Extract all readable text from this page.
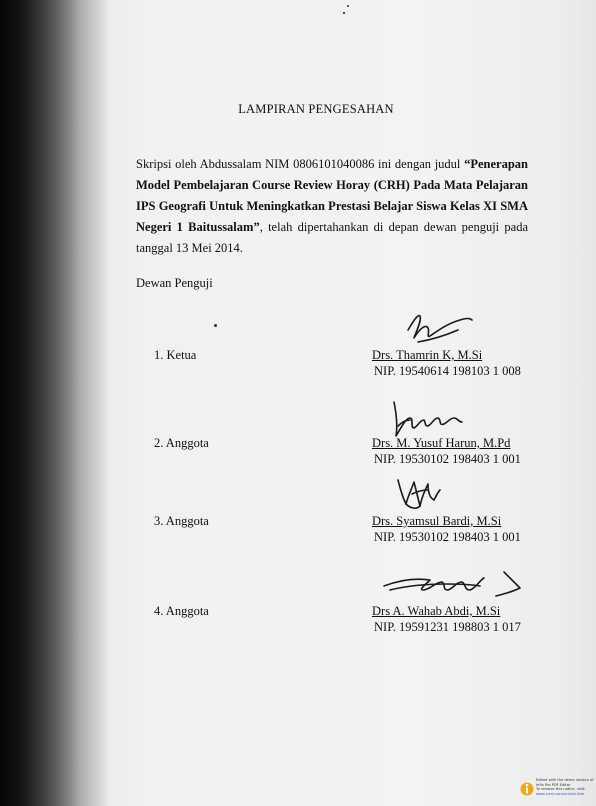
LAMPIRAN PENGESAHAN
Skripsi oleh Abdussalam NIM 0806101040086 ini dengan judul “Penerapan Model Pembelajaran Course Review Horay (CRH) Pada Mata Pelajaran IPS Geografi Untuk Meningkatkan Prestasi Belajar Siswa Kelas XI SMA Negeri 1 Baitussalam”, telah dipertahankan di depan dewan penguji pada tanggal 13 Mei 2014.
Dewan Penguji
1. Ketua	Drs. Thamrin K, M.Si
NIP. 19540614 198103 1 008
2. Anggota	Drs. M. Yusuf Harun, M.Pd
NIP. 19530102 198403 1 001
3. Anggota	Drs. Syamsul Bardi, M.Si
NIP. 19530102 198403 1 001
4. Anggota	Drs A. Wahab Abdi, M.Si
NIP. 19591231 198803 1 017
Edited with the demo version of
Infix Pro PDF Editor
To remove this notice, visit:
www.iceni.com/unlock.htm
